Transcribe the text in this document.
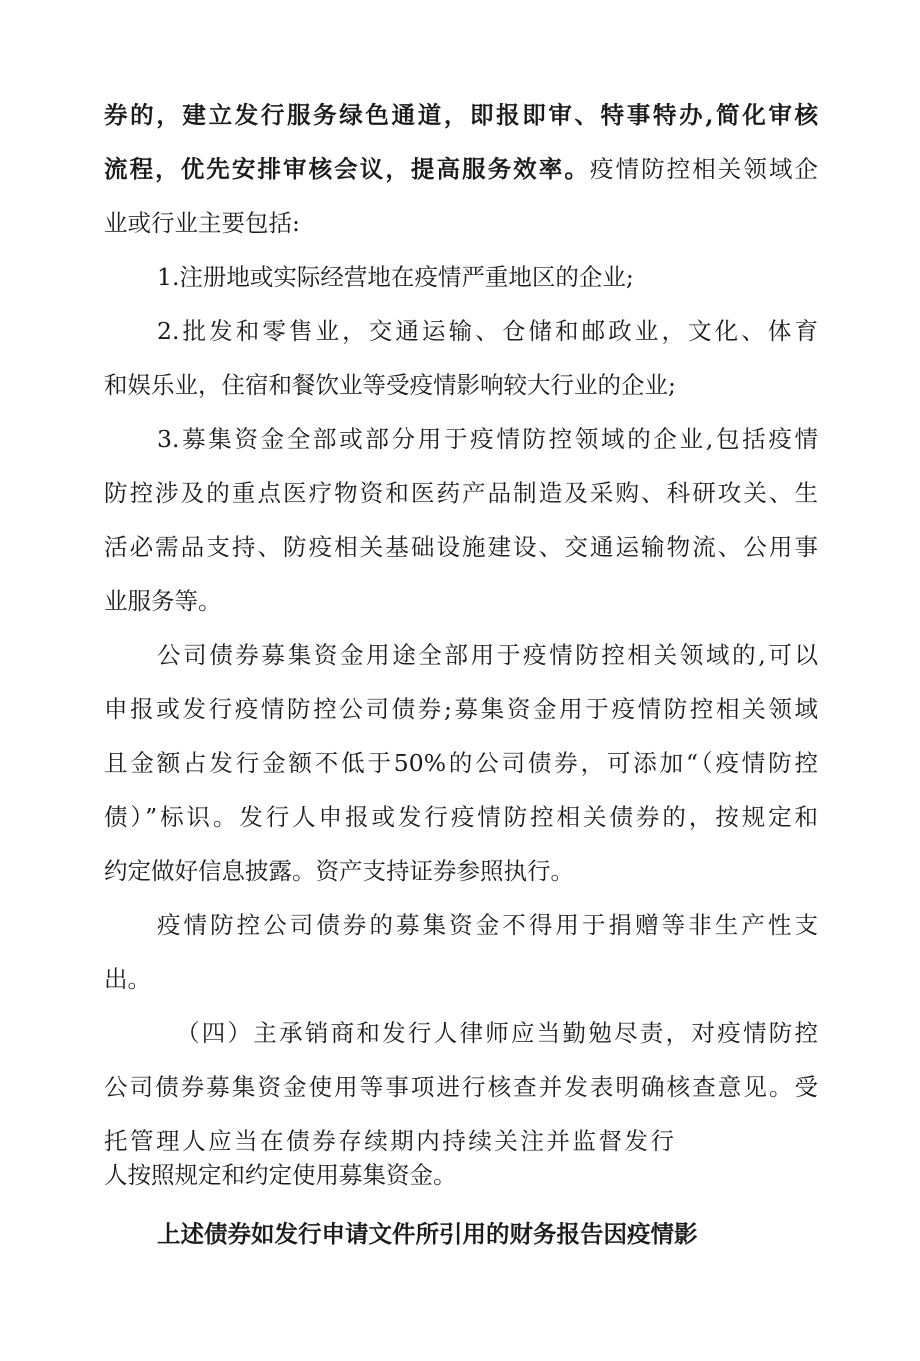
券的，建立发行服务绿色通道，即报即审、特事特办,简化审核
流程，优先安排审核会议，提高服务效率。疫情防控相关领域企
业或行业主要包括:
1.注册地或实际经营地在疫情严重地区的企业;
2.批发和零售业，交通运输、仓储和邮政业，文化、体育
和娱乐业，住宿和餐饮业等受疫情影响较大行业的企业;
3.募集资金全部或部分用于疫情防控领域的企业,包括疫情
防控涉及的重点医疗物资和医药产品制造及采购、科研攻关、生
活必需品支持、防疫相关基础设施建设、交通运输物流、公用事
业服务等。
公司债券募集资金用途全部用于疫情防控相关领域的,可以
申报或发行疫情防控公司债券;募集资金用于疫情防控相关领域
且金额占发行金额不低于50%的公司债券，可添加“（疫情防控
债）”标识。发行人申报或发行疫情防控相关债券的，按规定和
约定做好信息披露。资产支持证券参照执行。
疫情防控公司债券的募集资金不得用于捐赠等非生产性支
出。
（四）主承销商和发行人律师应当勤勉尽责，对疫情防控
公司债券募集资金使用等事项进行核查并发表明确核查意见。受
托管理人应当在债券存续期内持续关注并监督发行
人按照规定和约定使用募集资金。
上述债券如发行申请文件所引用的财务报告因疫情影
